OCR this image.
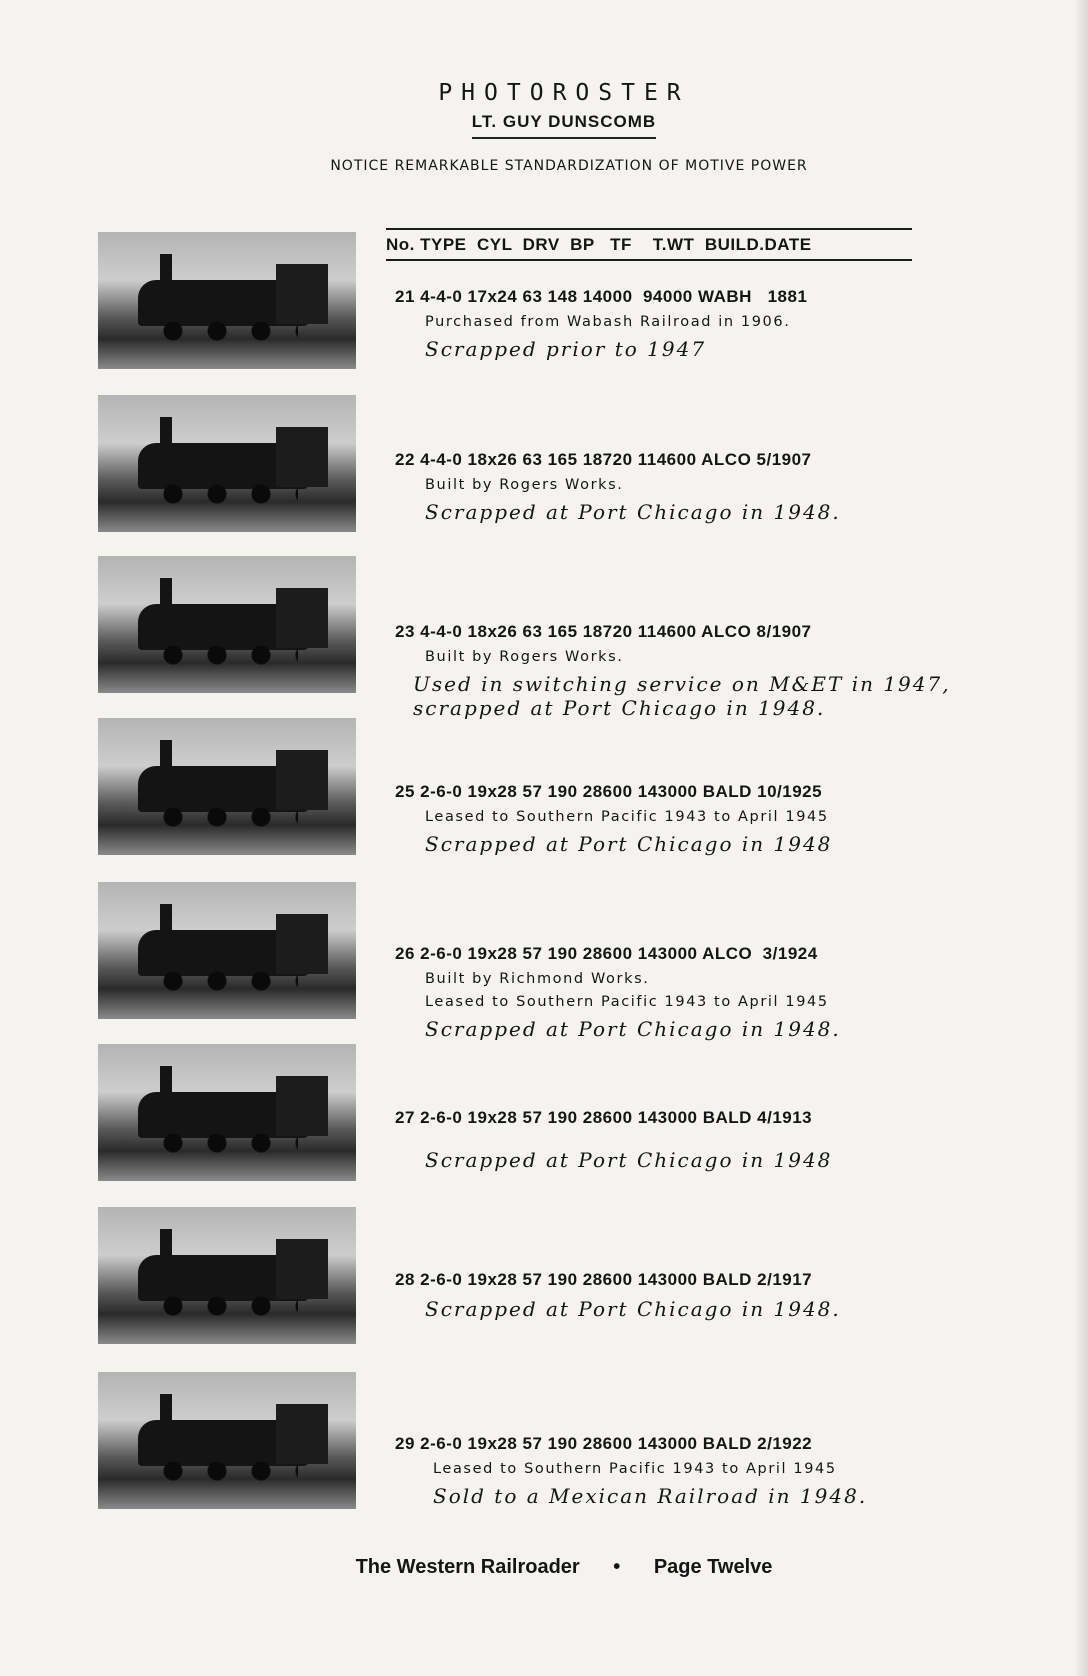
PHOTOROSTER
LT. GUY DUNSCOMB
NOTICE REMARKABLE STANDARDIZATION OF MOTIVE POWER
No. TYPE  CYL  DRV  BP   TF    T.WT  BUILD.DATE
21 4-4-0 17x24 63 148 14000  94000 WABH   1881
Purchased from Wabash Railroad in 1906.
Scrapped prior to 1947
22 4-4-0 18x26 63 165 18720 114600 ALCO 5/1907
Built by Rogers Works.
Scrapped at Port Chicago in 1948.
23 4-4-0 18x26 63 165 18720 114600 ALCO 8/1907
Built by Rogers Works.
Used in switching service on M&ET in 1947,
scrapped at Port Chicago in 1948.
25 2-6-0 19x28 57 190 28600 143000 BALD 10/1925
Leased to Southern Pacific 1943 to April 1945
Scrapped at Port Chicago in 1948
26 2-6-0 19x28 57 190 28600 143000 ALCO  3/1924
Built by Richmond Works.
Leased to Southern Pacific 1943 to April 1945
Scrapped at Port Chicago in 1948.
27 2-6-0 19x28 57 190 28600 143000 BALD 4/1913
Scrapped at Port Chicago in 1948
28 2-6-0 19x28 57 190 28600 143000 BALD 2/1917
Scrapped at Port Chicago in 1948.
29 2-6-0 19x28 57 190 28600 143000 BALD 2/1922
Leased to Southern Pacific 1943 to April 1945
Sold to a Mexican Railroad in 1948.
The Western Railroader • Page Twelve
